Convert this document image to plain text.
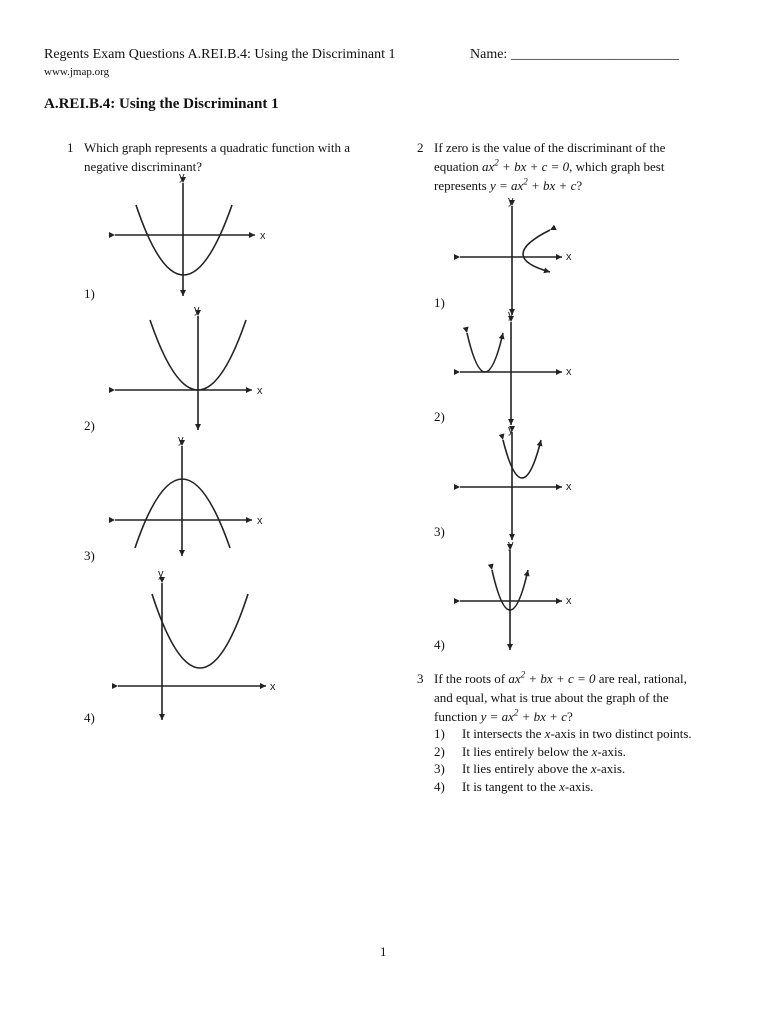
Regents Exam Questions A.REI.B.4: Using the Discriminant 1	Name: ________________________
www.jmap.org
A.REI.B.4: Using the Discriminant 1
1 Which graph represents a quadratic function with a
negative discriminant?
1)
2)
3)
4)
x
y
x
y
x
y
x
y
x
y
x
y
x
y
x
y
2 If zero is the value of the discriminant of the
equation $ax^2$ + bx + c = 0, which graph best
represents $y = ax^2$ + bx + c?
1)
2)
3)
4)
3 If the roots of $ax^2$ + bx + c = 0 are real, rational,
and equal, what is true about the graph of the
function $y = ax^2$ + bx + c?
1) It intersects the x-axis in two distinct points.
2) It lies entirely below the x-axis.
3) It lies entirely above the x-axis.
4) It is tangent to the x-axis.
1
